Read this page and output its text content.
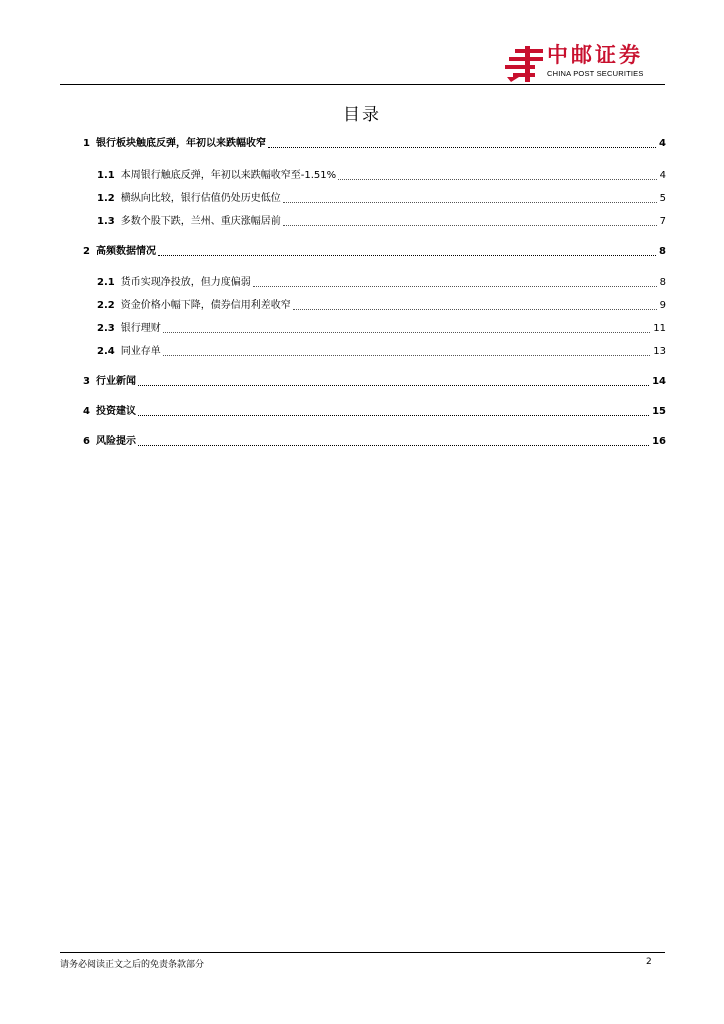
中邮证券
CHINA POST SECURITIES
目录
1 银行板块触底反弹，年初以来跌幅收窄	4
1.1 本周银行触底反弹，年初以来跌幅收窄至-1.51%	4
1.2 横纵向比较，银行估值仍处历史低位	5
1.3 多数个股下跌，兰州、重庆涨幅居前	7
2 高频数据情况	8
2.1 货币实现净投放，但力度偏弱	8
2.2 资金价格小幅下降，债券信用利差收窄	9
2.3 银行理财	11
2.4 同业存单	13
3 行业新闻	14
4 投资建议	15
6 风险提示	16
请务必阅读正文之后的免责条款部分	2
